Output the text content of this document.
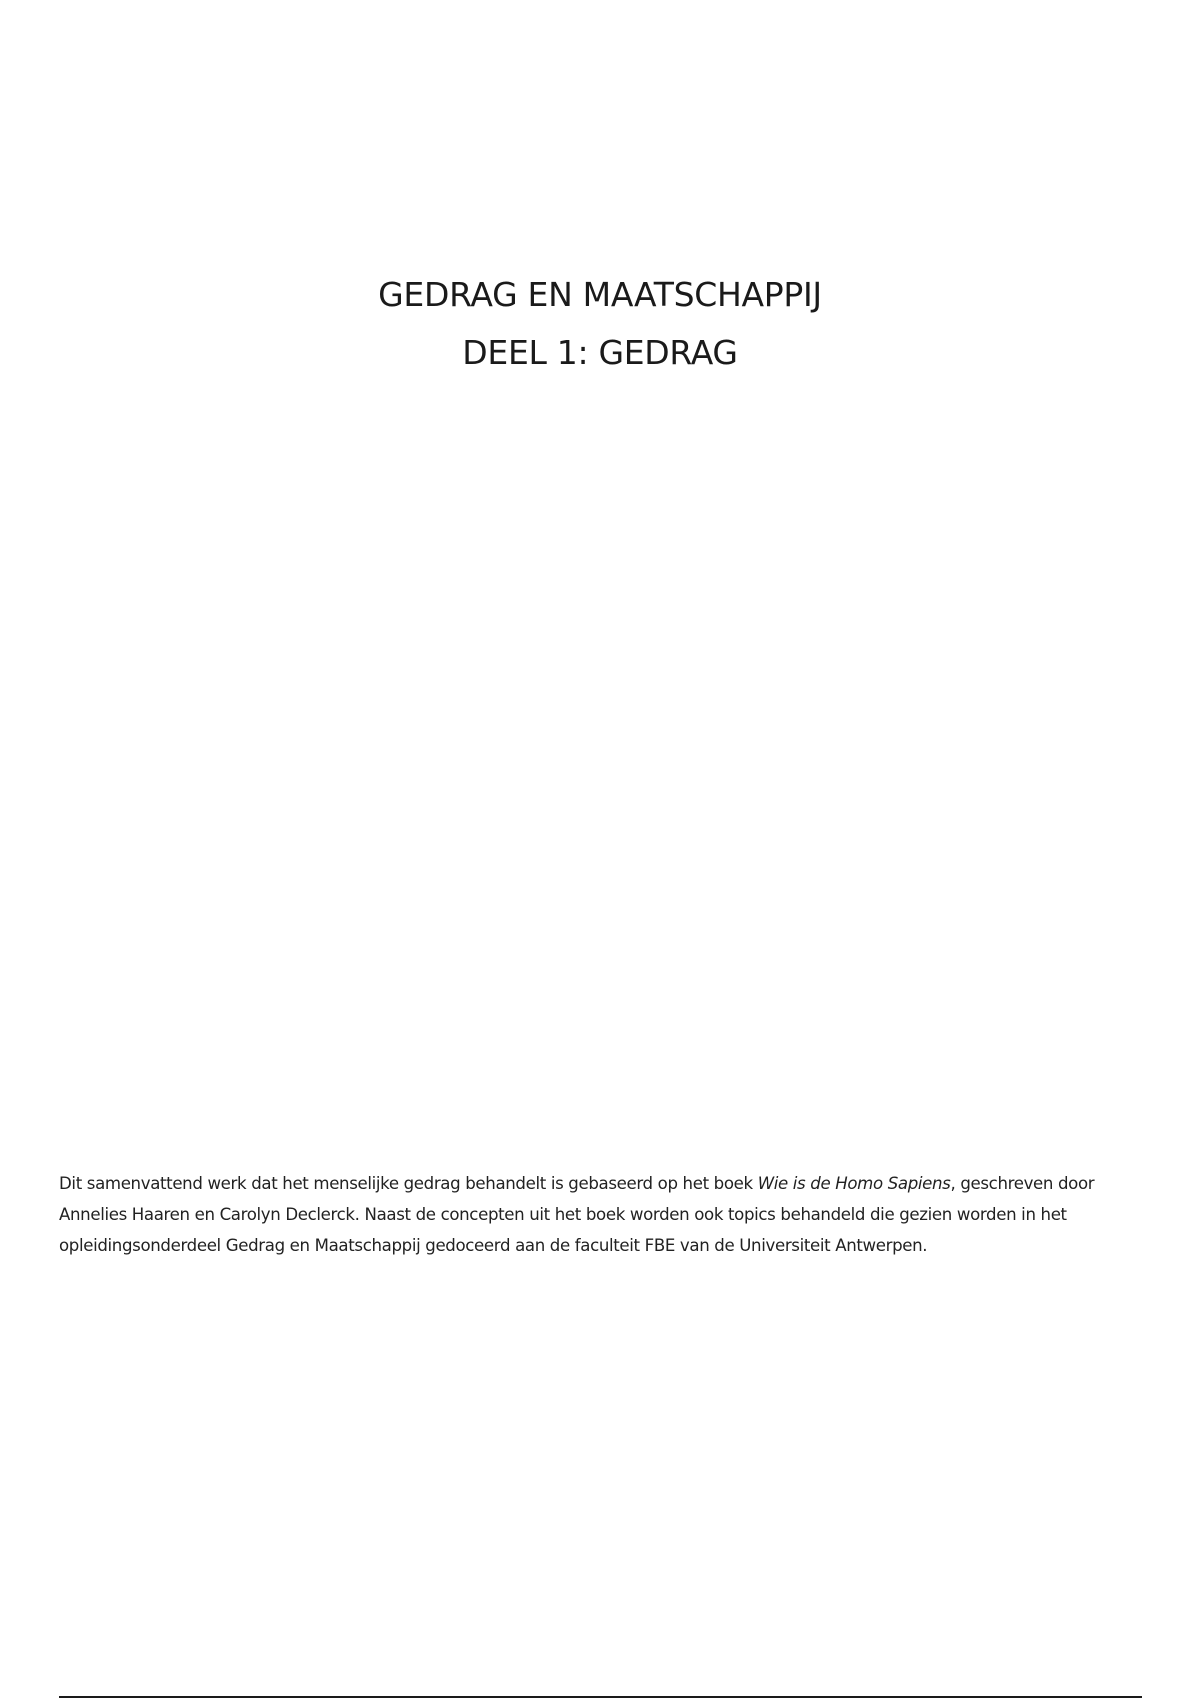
GEDRAG EN MAATSCHAPPIJ
DEEL 1: GEDRAG

Dit samenvattend werk dat het menselijke gedrag behandelt is gebaseerd op het boek Wie is de Homo Sapiens, geschreven door Annelies Haaren en Carolyn Declerck. Naast de concepten uit het boek worden ook topics behandeld die gezien worden in het opleidingsonderdeel Gedrag en Maatschappij gedoceerd aan de faculteit FBE van de Universiteit Antwerpen.
